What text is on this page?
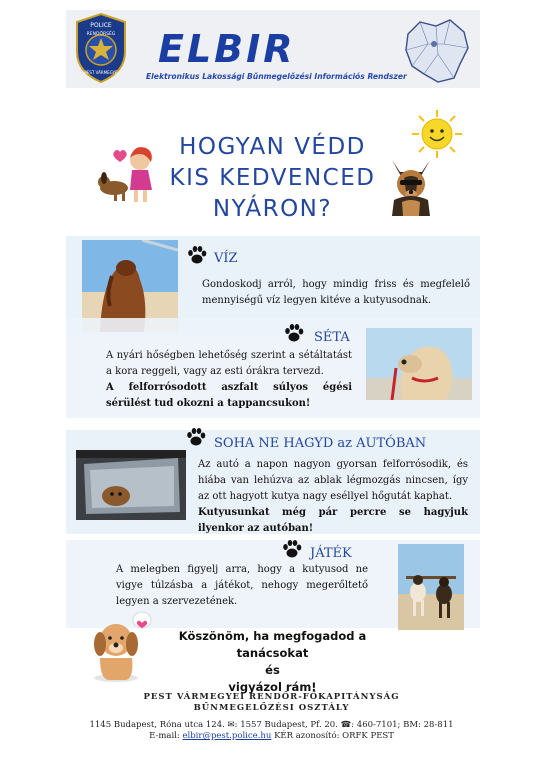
POLICE
RENDŐRSÉG
PEST VÁRMEGYE
ELBIR
Elektronikus Lakossági Bűnmegelőzési Információs Rendszer
HOGYAN VÉDD
KIS KEDVENCED
NYÁRON?
VÍZ
Gondoskodj arról, hogy mindig friss és megfelelő mennyiségű víz legyen kitéve a kutyusodnak.
SÉTA
A nyári hőségben lehetőség szerint a sétáltatást a kora reggeli, vagy az esti órákra tervezd.
A felforrósodott aszfalt súlyos égési sérülést tud okozni a tappancsukon!
SOHA NE HAGYD az AUTÓBAN
Az autó a napon nagyon gyorsan felforrósodik, és hiába van lehúzva az ablak légmozgás nincsen, így az ott hagyott kutya nagy eséllyel hőgutát kaphat.
Kutyusunkat még pár percre se hagyjuk ilyenkor az autóban!
JÁTÉK
A melegben figyelj arra, hogy a kutyusod ne vigye túlzásba a játékot, nehogy megerőltető legyen a szervezetének.
Köszönöm, ha megfogadod a tanácsokat
és
vigyázol rám!
PEST VÁRMEGYEI RENDŐR-FŐKAPITÁNYSÁG
BŰNMEGELŐZÉSI OSZTÁLY
1145 Budapest, Róna utca 124. ✉: 1557 Budapest, Pf. 20. ☎: 460-7101; BM: 28-811
E-mail: elbir@pest.police.hu KÉR azonosító: ORFK PEST
